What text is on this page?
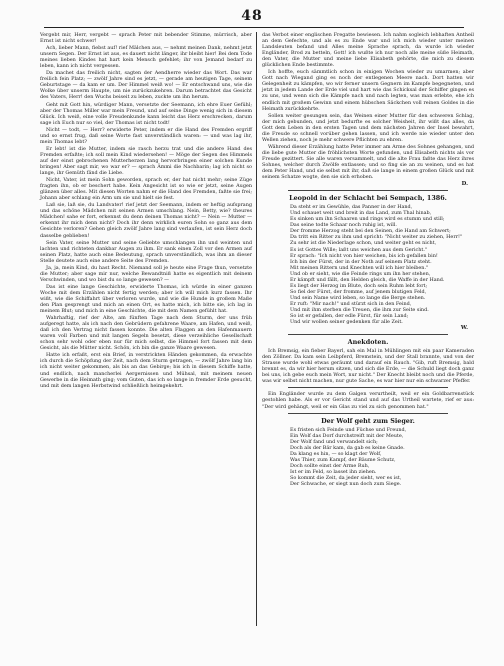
48

Vergebt mir, Herr, vergebt — sprach Peter mit bebender Stimme, mürrisch, aber Ernst ist nicht schwer!

Ach, lieber Mann, fiebst auf! rief Mälchen aus, — nehmt meinen Dank, nehmt jetzt unsern Segen. Der Ernst ist aus, es dauert nicht länger, ihr bleibt hier! Bei dem Tode meines lieben Kindes hat hart kein Mensch gefehlet; ihr von Jemand bedarf zu leben, kann ich nicht vergessen.

Da machet das freilich nicht, sagten der Aendherre wieder das Wort. Das war freilich fein Platz; — zwölf Jahre sind es jetzt, — gerade am heutigen Tage, seinem Geburtstage — da kam er um. Der Himmel weiß wo! — Er entschwand uns, wie die Wolke über unserm Haupte, um nie zurückzukehren. Darum betrachtet das Gesicht des Vaters, Herr! den Wuchs beiseit zu leben, zuckte um ihn herum.

Geht mit Gott hin, würdiger Mann, versetzte der Seemann, ich ehre Euer Gefühl; aber der Thomas Miller war mein Freund, und auf seine Dinge wenig sich in diesem Glück. Ich weiß, eine volle Freudenkunde kann leicht das Herz erschrecken, darum sage ich Euch nur so viel, der Thomas ist nicht todt!

Nicht — todt, — Herr? erwiderte Peter, indem er die Hand des Fremden ergriff und so ernst frug, daß seine Worte fast unverständlich waren: — und was lag ihr, mein Thomas lebt?

Er lebt! ist die Mutter, indem sie rasch herzu trat und die andere Hand des Fremden erfaßte; ich soll mein Kind wiedersehen! — Möge der Segen des Himmels auf der einst gebrochenen Mutterherzen lang hervorbringen einer solchen Kunde bringen! Aber sagt mir, wo war er? — sprach Ämmi die Nachbarin; lag ich nicht so lange, ihr Gemüth fänd die Liebe.

Nicht, Vater, ist mein Sohn geworden, sprach er, der hat nicht mehr; seine Züge fragten ihn, ob er beschert habe. Kein Angesicht ist so wie er jetzt, seine Augen glänzen über alles. Mit diesen Worten nahm er die Hand des Fremden, faßte sie frei; Johann aber schlang ein Arm um sie und hielt sie fest.

Laß sie, laß sie, du Landvater! rief jetzt der Seemann, indem er heftig aufsprang und das schöne Mädchen mit seinen Armen umschlang. Nein, Betty, wie? theures Mädchen! sahe er fort, erkennst du denn deinen Thomas nicht? — Nein — Mutter — erkennt ihr mich denn nicht? Doch ihr denn wirklich euren Sohn so ganz aus dem Gesichte verloren? Gehen gleich zwölf Jahre lang sind verlaufen, ist sein Herz doch dasselbe geblieben!

Sein Vater, seine Mutter und seine Geliebte umschlangen ihn und weinten und lachten und richteten dankbar Augen zu ihm. Er sank einen Zoll vor den Armen auf seinen Platz, hatte auch eine Bedeutung, sprach unverständlich, was ihm an dieser Stelle deutete auch eine andere Seite des Fremden.

Ja, ja, mein Kind, du hast Recht. Niemand soll je heute eine Frage thun, versetzte die Mutter; aber sage mir nur, welche Bewandtniß hatte es eigentlich mit deinem Verschwinden, und wo bist du so lange gewesen? —

Das ist eine lange Geschichte, erwiderte Thomas, ich würde in einer ganzen Woche mit dem Erzählen nicht fertig werden; aber ich will mich kurz fassen. Ihr wißt, wie die Schiffahrt über verloren wurde, und wie die Hunde in großem Maße den Plan gesprengt und mich an einen Ort, es hatte mich, ich bitte sie, ich lag in meinem Blut; und mich in eine Geschichte, die mit dem Namen gefühlt hat.

Wahrhaftig, rief der Alte, am fünften Tage nach dem Sturm, der uns früh aufgeregt hatte, als ich nach den Gebrüdern gefahrene Waare, am Hafen, und weiß, daß ich den Vertrag nicht fassen konnte. Die alten Flaggen an den Hafenmauern waren voll Farben und mit langen Segeln besetzt, diese verzeihliche Gesellschaft schon sehr wohl oder eben nur für mich selbst, die Himmel fort fassen mit dem Gesicht, als die Mütter nicht. Schön, ich bin die ganze Waare gewesen.

Hatte ich erfaßt, erst ein Brief, in verstrickten Händen gekommen, da erwachte ich durch die Schöpfung der Zeit, nach dem Sturm getragen, — zwölf Jahre lang bin ich nicht weiter gekommen, als bis an das Gebirge; bis ich in diesem Schiffe hatte, und endlich, nach mancherlei Aergernissen und Mühsal, mit meinem neuen Gewerbe in die Heimath ging; vom Guten, das ich so lange in fremder Erde gesucht, und mit dem langen Herbstwind schließlich heimgekehrt.

das Verbot einer englischen Fregatte bewiesen. Ich nahm sogleich lebhaften Antheil an dem Gefechte, und als es zu Ende war und ich mich wieder unter meinen Landsleuten befand und Alles meine Sprache sprach, da wurde ich wieder Engländer, Brod zu betteln, Gott! ich wußte ich nur noch alle meine süße Heimath, den Vater, die Mutter und meine liebe Elisabeth gehörte, die mich zu diesem glücklichen Ende bestimmte.

Ich hoffte, euch sämmtlich schon in einigen Wochen wieder zu umarmen; aber Gott nach Wiegand ging es noch der entlegenen Meere nach. Dort hatten wir Gelegenheit zu kämpfen, wo wir ferner unsern Gegnern im Kampfe begegneten, und jetzt in jedem Lande der Erde viel und hart wie das Schicksal der Schiffer gingen es zu uns, und wenn sich die Kämpfe nach und nach legten, was man erlebte, ehe ich endlich mit großem Gewinn und einem hübschen Säckchen voll reinen Goldes in die Heimath zurückkehrte.

Sollen weiter gesungen sein, das Weinen einer Mutter für den schweren Schlag, der mich gebunden, und jetzt bedurfte es solcher Weisheit, ihr wißt das alles, da Gott dem Leben in den ersten Tagen und dem nächsten Jahren der Insel bewahrt, die Freude so schnell vorüber gehen lassen, und ich werde nie wieder unter den Wellen ziehen, noch je mehr schwere Pflichten zu ehren.

Während dieser Erzählung hatte Peter immer am Arme des Sohnes gehangen, und die liebe gute Mutter die fröhlichsten Worte gefunden, und Elisabeth nichts als vor Freude gezittert. Sie alle waren versammelt, und die alte Frau faßte das Herz ihres Sohnes, welcher durch Zwölfe entlassen; und so fing sie an zu weinen, und es hat dem Peter Hand, und sie selbst mit ihr, daß sie lange in einem großen Glück und mit seinem Schatze wogte, den sie sich erhoben.

D.
Leopold in der Schlacht bei Sempach, 1386.

Da steht er im Gewühle, das Panner in der Hand,

Und schauet weit und breit in das Land, zum Thal hinab,

Es sinken um ihn Schaaren und rings wird es stumm und still;

Das seine todte Schaar noch ruhig ist, will.

Der fromme Herzog steht bei den Seinen, die Hand am Schwert;

Da tritt ein Ritter zu ihm und spricht: "Nicht weiter zu ziehen, Herr!"

Zu sehr ist die Niederlage schon, und weiter geht es nicht,

Es ist Gottes Wille; laßt uns weichen aus dem Gericht."

Er sprach: "Ich nicht von hier weichen, bis ich gefallen bin!

Ich bin der Fürst, der in der Noth auf seinem Platz steht.

Mit meinen Rittern und Knechten will ich hier bleiben."

Und ob er sieht, wie die Feinde rings um ihn her stehen,

Er kämpft und fällt, den Helden gleich, die Waffe in der Hand.

Es liegt der Herzog im Blute, doch sein Ruhm lebt fort;

So fiel der Fürst, der fromme, auf jenem blutigen Feld,

Und sein Name wird leben, so lange die Berge stehen.

Er ruft: "Mir nach!" und stürzt sich in den Feind,

Und mit ihm sterben die Treuen, die ihm zur Seite sind.

So ist er gefallen, der edle Fürst, für sein Land;

Und wir wollen seiner gedenken für alle Zeit.

W.
Anekdoten.

Ich Bremsig, ein fieber Bayerl, sah ein Mal in Mühlingen mit ein paar Kameraden den Zöllner. Da kam sein Leibpferd, Bremstein, und der Stall brannte, und von der Strasse wurde wohl etwas geräumt und darauf ein Rauch. "Gib, ruft Bremsig, bald brennt es, da wir hier herum sitzen, und sich die Erde, — die Schuld liegt doch ganz bei uns, ich gebe euch mein Wort, nur nicht." Der Knecht bleibt noch und die Pferde, was wir selbst nicht machen, nur gute Sache, es war hier nur ein schwarzer Pfeffer.

Ein Engländer wurde zu dem Galgen verurtheilt, weil er ein Goldbarrenstück gestohlen habe. Als er vor Gericht stand und auf das Urtheil wartete, rief er aus: "Der wird gehängt, weil er ein Glas zu viel zu sich genommen hat."

Der Wolf geht zum Sieger.

Es fristen sich Feinde und Füchse und Freund,

Ein Wolf das Dorf durchstreift mit der Meute,

Der Wolf fand und verwandelt sich;

Doch als der Bär kam, da gab es keine Gnade.

Da klang es hin, — so klagt der Wolf,

Was Thier, zum Kampf, der Bäume Schutz,

Doch sollte einst der Arme Ruh,

Ist er im Feld, so lasset ihn ziehen.

So kommt die Zeit, da jeder sieht, wer es ist,

Der Schwache, er siegt nun doch zum Siege.
